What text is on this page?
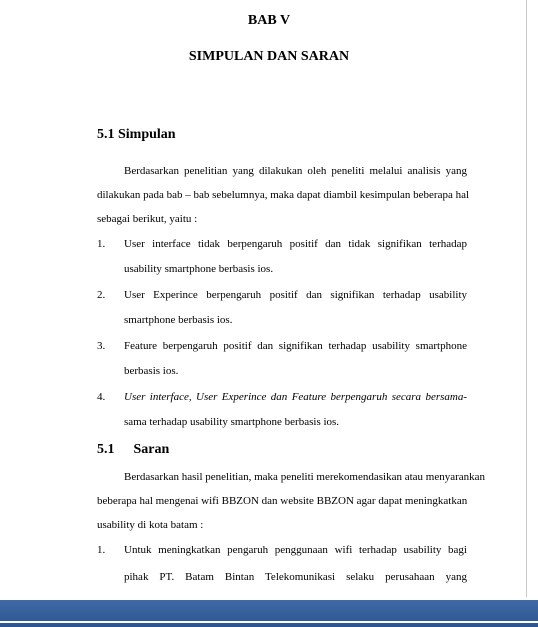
BAB V
SIMPULAN DAN SARAN
5.1 Simpulan
Berdasarkan penelitian yang dilakukan oleh peneliti melalui analisis yang
dilakukan pada bab – bab sebelumnya, maka dapat diambil kesimpulan beberapa hal
sebagai berikut, yaitu :
1. User interface tidak berpengaruh positif dan tidak signifikan terhadap
usability smartphone berbasis ios.
2. User Experince berpengaruh positif dan signifikan terhadap usability
smartphone berbasis ios.
3. Feature berpengaruh positif dan signifikan terhadap usability smartphone
berbasis ios.
4. User interface, User Experince dan Feature berpengaruh secara bersama-
sama terhadap usability smartphone berbasis ios.
5.1 Saran
Berdasarkan hasil penelitian, maka peneliti merekomendasikan atau menyarankan
beberapa hal mengenai wifi BBZON dan website BBZON agar dapat meningkatkan
usability di kota batam :
1. Untuk meningkatkan pengaruh penggunaan wifi terhadap usability bagi
pihak PT. Batam Bintan Telekomunikasi selaku perusahaan yang
